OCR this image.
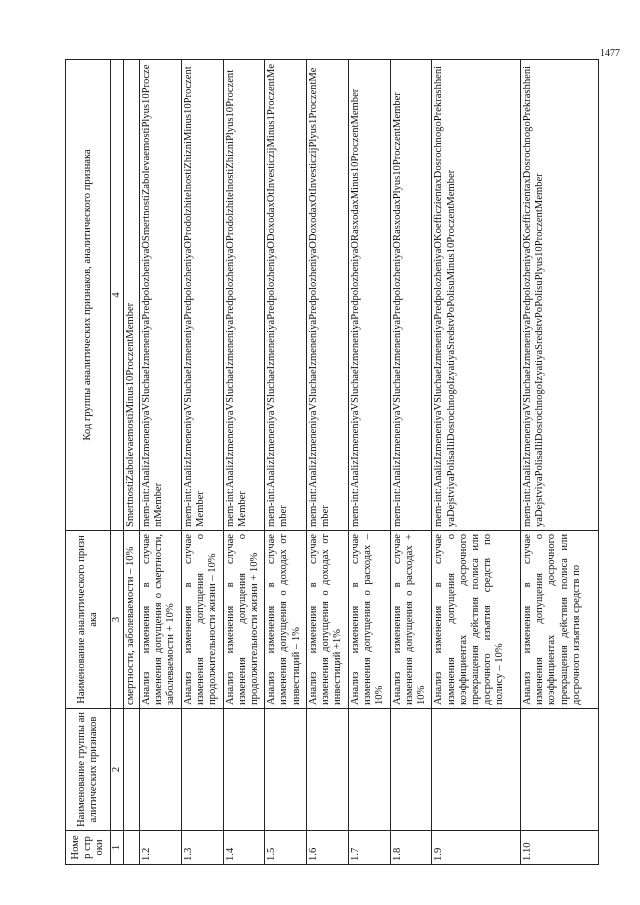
1477
Номер строки	Наименование группы аналитических признаков	Наименование аналитического признака	Код группы аналитических признаков, аналитического признака
1	2	3	4
		смертности, заболеваемости – 10%	SmertnostiZabolevaemostiMinus10ProczentMember
1.2		Анализ изменения в случае изменения допущения о смертности, заболеваемости + 10%	mem-int:AnalizIzmeneniyaVSluchaeIzmeneniyaPredpolozheniyaOSmertnostiZabolevaemostiPlyus10ProczentMember
1.3		Анализ изменения в случае изменения допущения о продолжительности жизни – 10%	mem-int:AnalizIzmeneniyaVSluchaeIzmeneniyaPredpolozheniyaOProdolzhitelnostiZhizniMinus10ProczentMember
1.4		Анализ изменения в случае изменения допущения о продолжительности жизни + 10%	mem-int:AnalizIzmeneniyaVSluchaeIzmeneniyaPredpolozheniyaOProdolzhitelnostiZhizniPlyus10ProczentMember
1.5		Анализ изменения в случае изменения допущения о доходах от инвестиций – 1%	mem-int:AnalizIzmeneniyaVSluchaeIzmeneniyaPredpolozheniyaODoxodaxOtInvesticzijMinus1ProczentMember
1.6		Анализ изменения в случае изменения допущения о доходах от инвестиций +1%	mem-int:AnalizIzmeneniyaVSluchaeIzmeneniyaPredpolozheniyaODoxodaxOtInvesticzijPlyus1ProczentMember
1.7		Анализ изменения в случае изменения допущения о расходах – 10%	mem-int:AnalizIzmeneniyaVSluchaeIzmeneniyaPredpolozheniyaORasxodaxMinus10ProczentMember
1.8		Анализ изменения в случае изменения допущения о расходах + 10%	mem-int:AnalizIzmeneniyaVSluchaeIzmeneniyaPredpolozheniyaORasxodaxPlyus10ProczentMember
1.9		Анализ изменения в случае изменения допущения о коэффициентах досрочного прекращения действия полиса или досрочного изъятия средств по полису – 10%	mem-int:AnalizIzmeneniyaVSluchaeIzmeneniyaPredpolozheniyaOKoefficzientaxDosrochnogoPrekrashheniyaDejstviyaPolisaIliDosrochnogoIzyatiyaSredstvPoPolisuMinus10ProczentMember
1.10		Анализ изменения в случае изменения допущения о коэффициентах досрочного прекращения действия полиса или досрочного изъятия средств по	mem-int:AnalizIzmeneniyaVSluchaeIzmeneniyaPredpolozheniyaOKoefficzientaxDosrochnogoPrekrashheniyaDejstviyaPolisaIliDosrochnogoIzyatiyaSredstvPoPolisuPlyus10ProczentMember
